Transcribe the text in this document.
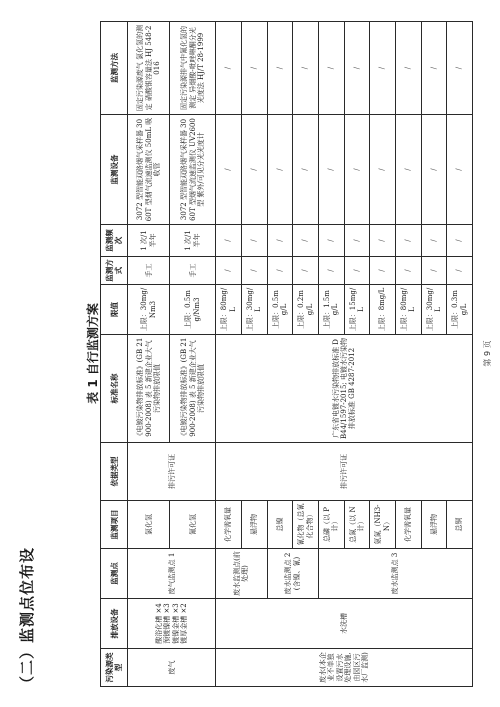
（二）监测点位布设
表 1 自行监测方案
污染源类型	排放设备	监测点	监测项目	依据类型	标准名称	限值	监测方式	监测频次	监测设备	监测方法
废气	酸浴化槽 ×4 预镀镍槽 ×3 镀镍金槽 ×3 镀厚金槽 ×2	废气监测点 1	氯化氢	排污许可证	《电镀污染物排放标准》(GB 21900-2008) 表 5 新建企业大气污染物排放限值	上限：30mg/Nm3	手工	1 次/1 半年	3072 型智能双路烟气采样器 3060T 型烟气流速监测仪 50mL 吸收管	固定污染源废气 氯化氢的测定 硝酸银容量法 HJ 548-2016
			氰化氢		《电镀污染物排放标准》(GB 21900-2008) 表 5 新建企业大气污染物排放限值	上限：0.5mg/Nm3	手工	1 次/1 半年	3072 型智能双路烟气采样器 3060T 型烟气流速监测仪 UV2600 型 紫外/可见分光光度计	固定污染源排气中氰化氢的测定 异烟酸-吡唑啉酮分光光度法 HJ/T 28-1999
废水(本企业不单独设置污水处理设施,由园区污水厂监测)	水洗槽	废水监测点(前处理)	化学需氧量	排污许可证	广东省电镀水污染物排放标准 DB44/1597-2015; 电镀水污染物排放标准 GB 4287-2012	上限：80mg/L	/	/	/	/
			悬浮物			上限：30mg/L	/	/	/	/
		废水监测点 2 (含镍、氰)	总镍			上限：0.5mg/L	/	/	/	/
			氰化物（总氰化合物）			上限：0.2mg/L	/	/	/	/
		废水监测点 3	总磷（以 P 计）			上限：1.5mg/L	/	/	/	/
			总氮（以 N 计）			上限：15mg/L	/	/	/	/
			氨氮（NH3-N）			上限：8mg/L	/	/	/	/
			化学需氧量			上限：80mg/L	/	/	/	/
			悬浮物			上限：30mg/L	/	/	/	/
			总铜			上限：0.3mg/L	/	/	/	/
第 9 页
